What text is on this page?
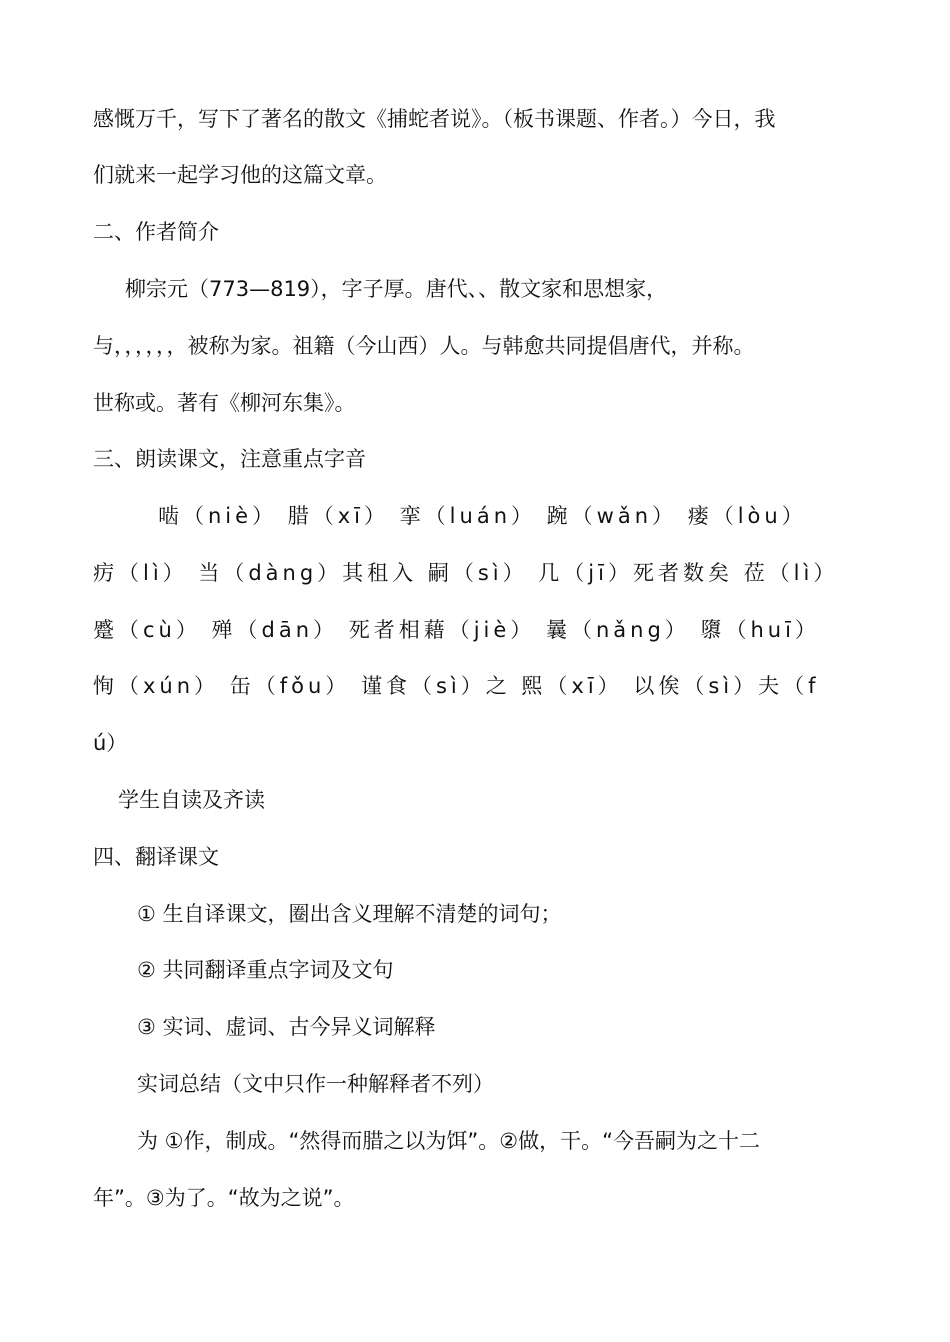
感慨万千，写下了著名的散文《捕蛇者说》。（板书课题、作者。）今日，我
们就来一起学习他的这篇文章。
二、作者简介
柳宗元（773—819），字子厚。唐代、、散文家和思想家，
与，，，，，，被称为家。祖籍（今山西）人。与韩愈共同提倡唐代，并称。
世称或。著有《柳河东集》。
三、朗读课文，注意重点字音
啮（niè） 腊（xī） 挛（luán） 踠（wǎn） 瘘（lòu）
疠（lì） 当（dàng）其租入 嗣（sì） 几（jī）死者数矣 莅（lì）
蹙（cù） 殚（dān） 死者相藉（jiè） 曩（nǎng） 隳（huī）
恂（xún） 缶（fǒu） 谨食（sì）之 熙（xī） 以俟（sì）夫（f
ú）
学生自读及齐读
四、翻译课文
① 生自译课文，圈出含义理解不清楚的词句；
② 共同翻译重点字词及文句
③ 实词、虚词、古今异义词解释
实词总结（文中只作一种解释者不列）
为 ①作，制成。“然得而腊之以为饵”。②做，干。“今吾嗣为之十二
年”。③为了。“故为之说”。
